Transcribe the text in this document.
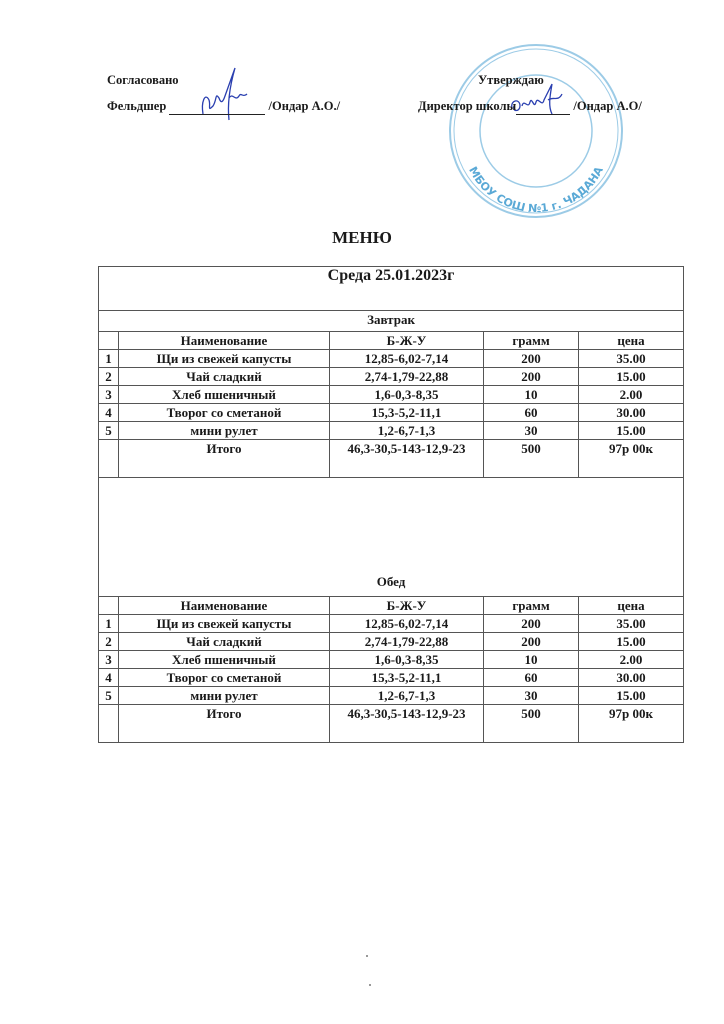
Согласовано
Фельдшер	/Ондар А.О./
МБОУ СОШ №1 г. ЧАДАНА
Утверждаю
Директор школы	/Ондар А.О/
МЕНЮ
Среда 25.01.2023г				
Завтрак				
	Наименование	Б-Ж-У	грамм	цена
1	Щи из свежей капусты	12,85-6,02-7,14	200	35.00
2	Чай сладкий	2,74-1,79-22,88	200	15.00
3	Хлеб пшеничный	1,6-0,3-8,35	10	2.00
4	Творог со сметаной	15,3-5,2-11,1	60	30.00
5	мини рулет	1,2-6,7-1,3	30	15.00
	Итого	46,3-30,5-143-12,9-23	500	97р 00к
Обед				
	Наименование	Б-Ж-У	грамм	цена
1	Щи из свежей капусты	12,85-6,02-7,14	200	35.00
2	Чай сладкий	2,74-1,79-22,88	200	15.00
3	Хлеб пшеничный	1,6-0,3-8,35	10	2.00
4	Творог со сметаной	15,3-5,2-11,1	60	30.00
5	мини рулет	1,2-6,7-1,3	30	15.00
	Итого	46,3-30,5-143-12,9-23	500	97р 00к
